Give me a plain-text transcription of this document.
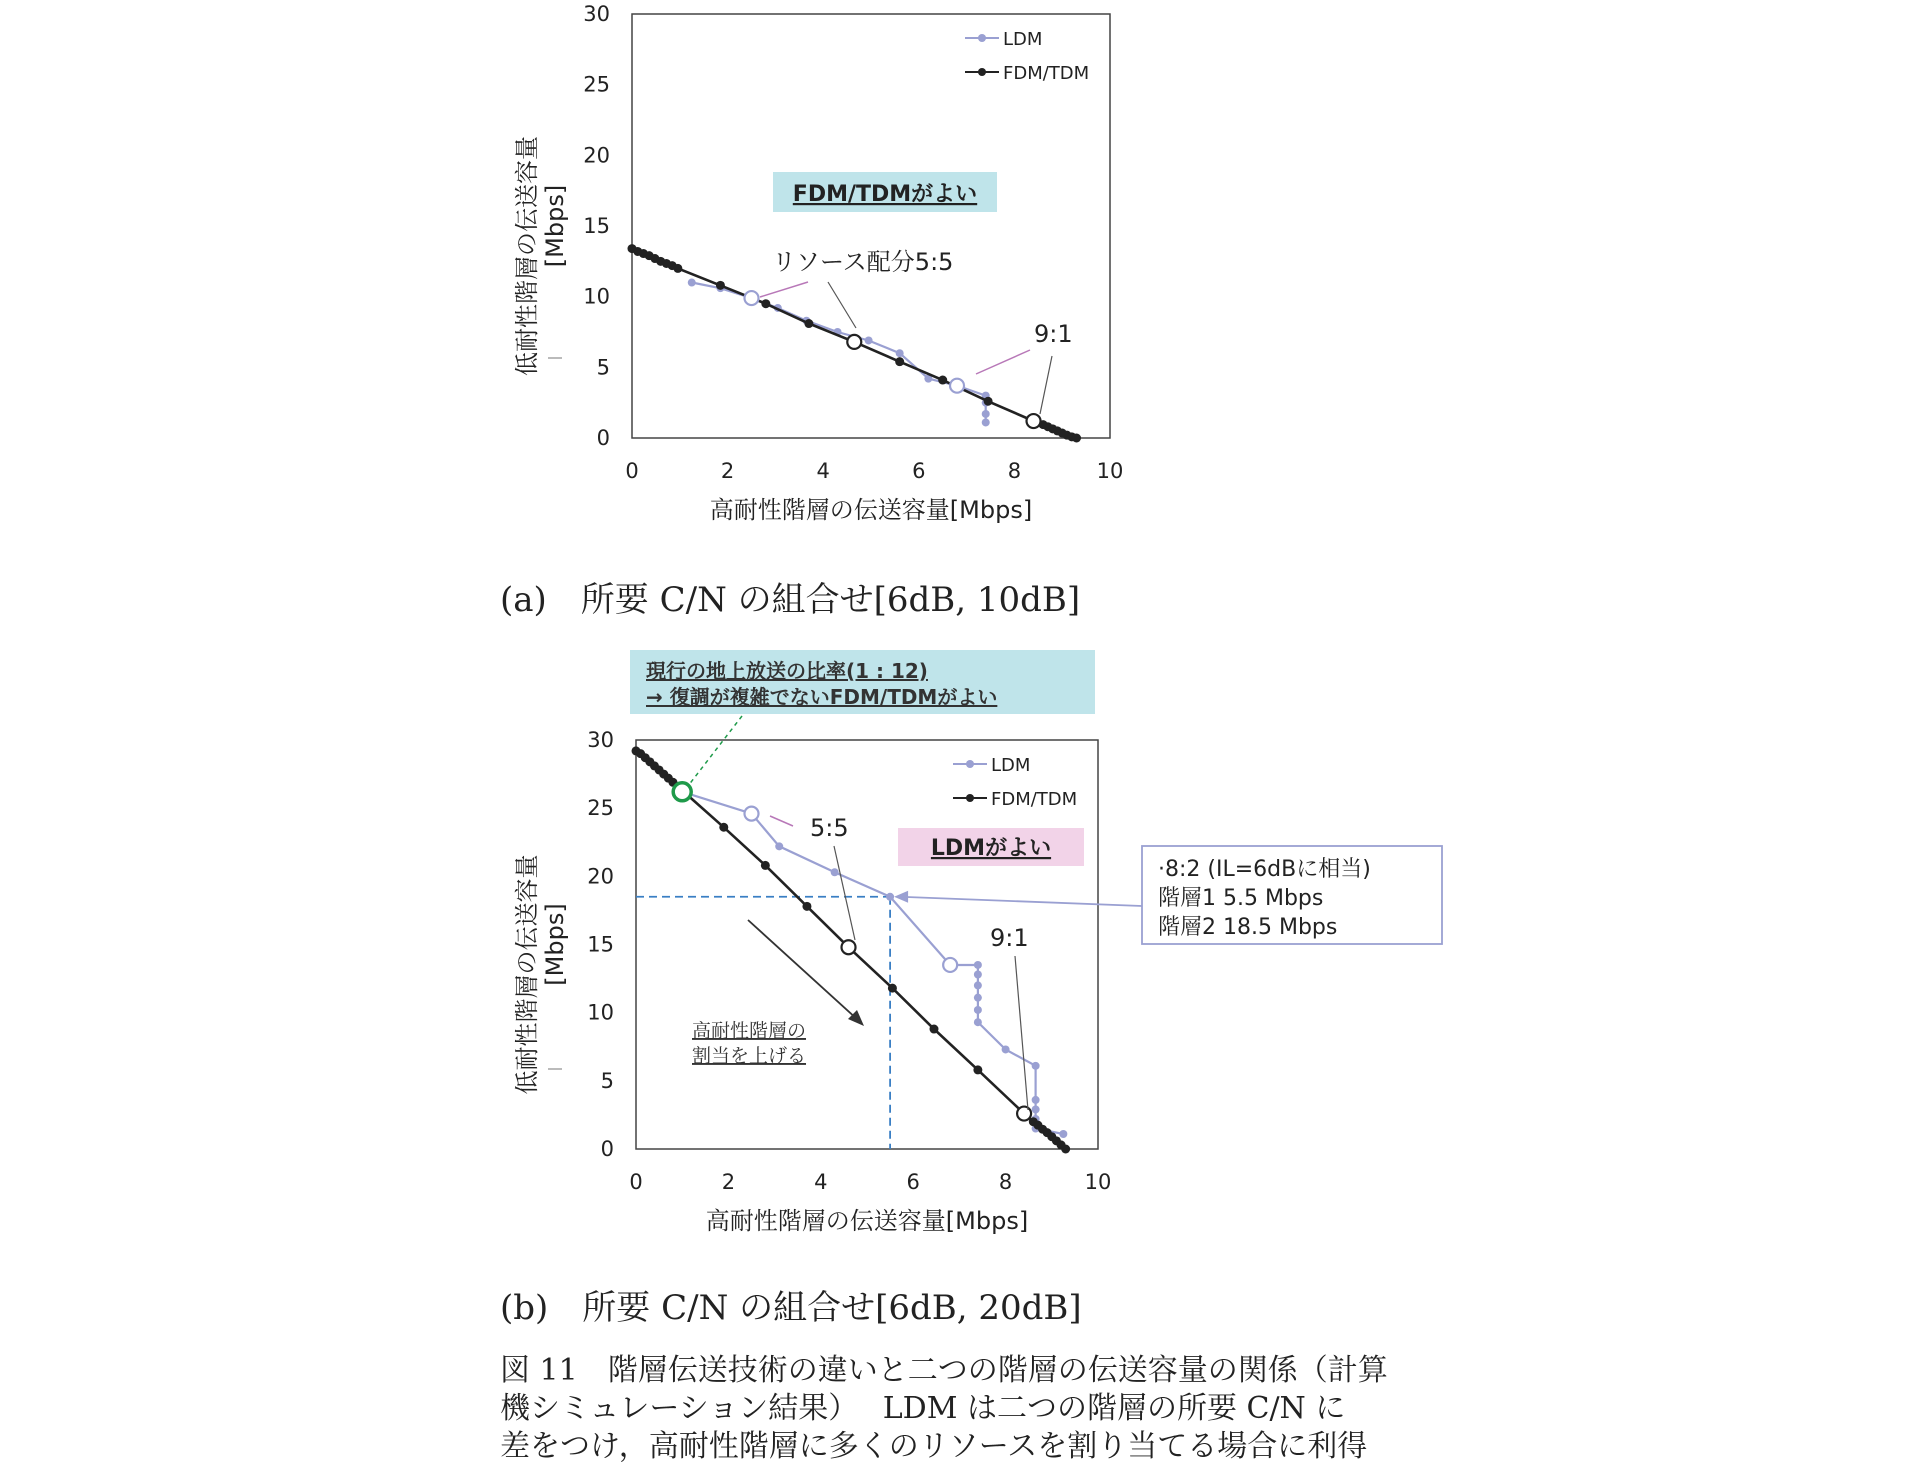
0	2	4	6	8	10
0
5
10
15
20
25
30
高耐性階層の伝送容量[Mbps]
低耐性階層の伝送容量 [Mbps]
LDM
FDM/TDM
FDM/TDMがよい
リソース配分5:5
9:1
0	2	4	6	8	10
0
5
10
15
20
25
30
高耐性階層の伝送容量[Mbps]
低耐性階層の伝送容量 [Mbps]
LDM
FDM/TDM
現行の地上放送の比率(1 : 12)
→ 復調が複雑でないFDM/TDMがよい
LDMがよい
5:5
9:1
高耐性階層の
割当を上げる
·8:2 (IL=6dBに相当)
階層1 5.5 Mbps
階層2 18.5 Mbps
(a)　所要 C/N の組合せ[6dB, 10dB]
(b)　所要 C/N の組合せ[6dB, 20dB]
図 11　階層伝送技術の違いと二つの階層の伝送容量の関係（計算
機シミュレーション結果）　 LDM は二つの階層の所要 C/N に
差をつけ，高耐性階層に多くのリソースを割り当てる場合に利得
